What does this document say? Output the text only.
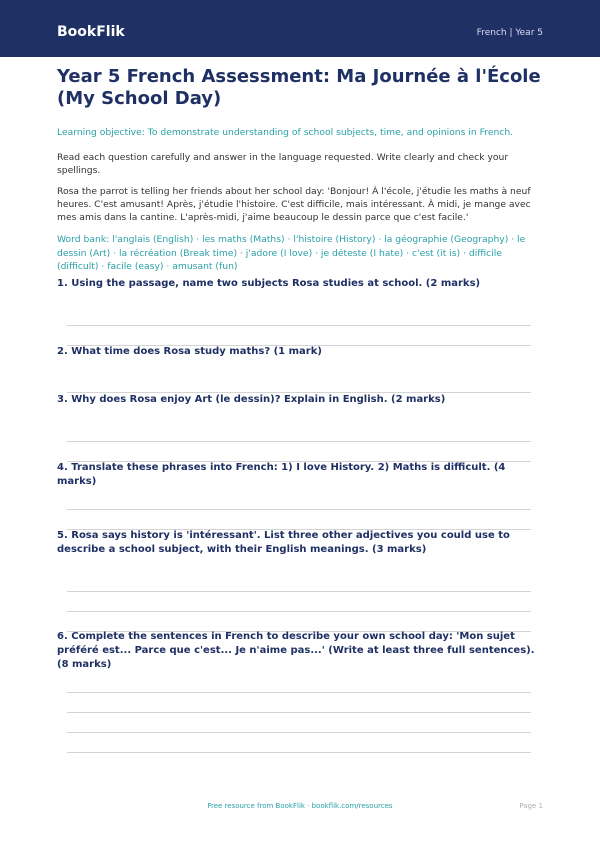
BookFlik	French | Year 5
Year 5 French Assessment: Ma Journée à l'École (My School Day)

Learning objective: To demonstrate understanding of school subjects, time, and opinions in French.

Read each question carefully and answer in the language requested. Write clearly and check your spellings.

Rosa the parrot is telling her friends about her school day: 'Bonjour! À l'école, j'étudie les maths à neuf heures. C'est amusant! Après, j'étudie l'histoire. C'est difficile, mais intéressant. À midi, je mange avec mes amis dans la cantine. L'après-midi, j'aime beaucoup le dessin parce que c'est facile.'

Word bank: l'anglais (English) · les maths (Maths) · l'histoire (History) · la géographie (Geography) · le dessin (Art) · la récréation (Break time) · j'adore (I love) · je déteste (I hate) · c'est (it is) · difficile (difficult) · facile (easy) · amusant (fun)

1. Using the passage, name two subjects Rosa studies at school. (2 marks)
2. What time does Rosa study maths? (1 mark)
3. Why does Rosa enjoy Art (le dessin)? Explain in English. (2 marks)
4. Translate these phrases into French: 1) I love History. 2) Maths is difficult. (4 marks)
5. Rosa says history is 'intéressant'. List three other adjectives you could use to describe a school subject, with their English meanings. (3 marks)
6. Complete the sentences in French to describe your own school day: 'Mon sujet préféré est... Parce que c'est... Je n'aime pas...' (Write at least three full sentences). (8 marks)
Free resource from BookFlik · bookflik.com/resources	Page 1
